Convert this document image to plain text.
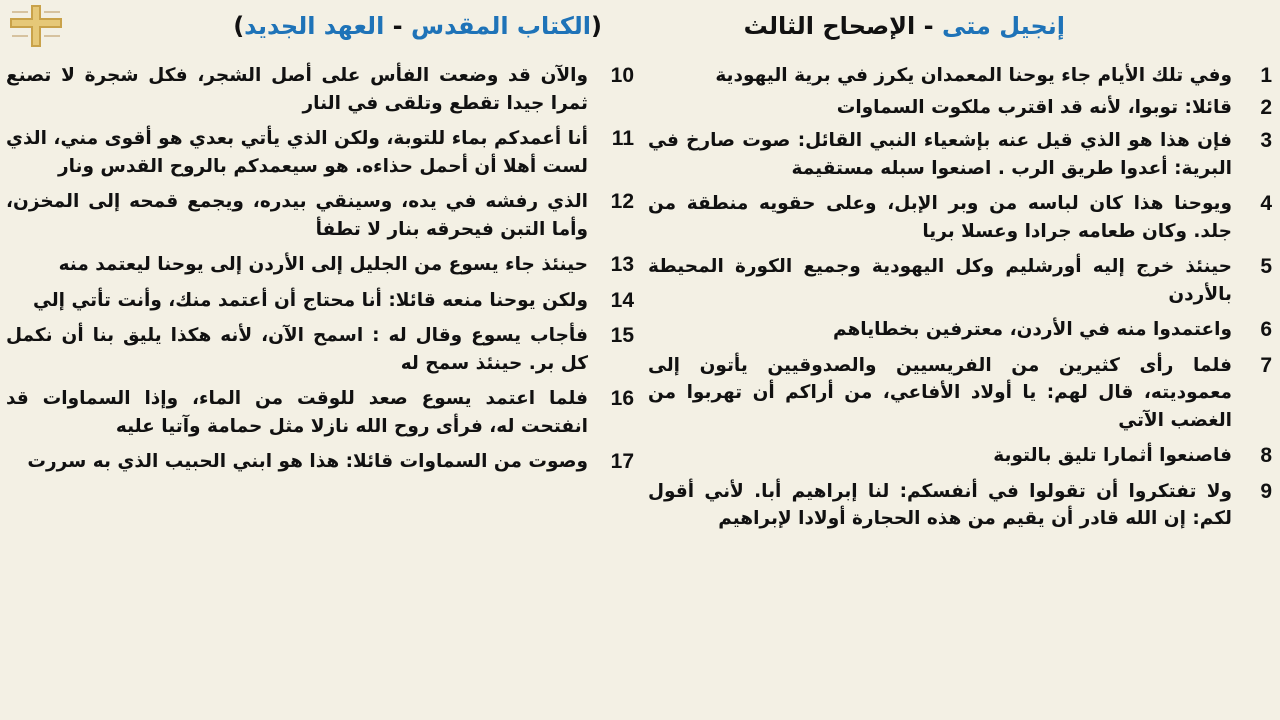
إنجيل متى - الإصحاح الثالث
(الكتاب المقدس - العهد الجديد)
1
وفي تلك الأيام جاء يوحنا المعمدان يكرز في برية اليهودية
2
قائلا: توبوا، لأنه قد اقترب ملكوت السماوات
3
فإن هذا هو الذي قيل عنه بإشعياء النبي القائل: صوت صارخ في البرية: أعدوا طريق الرب . اصنعوا سبله مستقيمة
4
ويوحنا هذا كان لباسه من وبر الإبل، وعلى حقويه منطقة من جلد. وكان طعامه جرادا وعسلا بريا
5
حينئذ خرج إليه أورشليم وكل اليهودية وجميع الكورة المحيطة بالأردن
6
واعتمدوا منه في الأردن، معترفين بخطاياهم
7
فلما رأى كثيرين من الفريسيين والصدوقيين يأتون إلى معموديته، قال لهم: يا أولاد الأفاعي، من أراكم أن تهربوا من الغضب الآتي
8
فاصنعوا أثمارا تليق بالتوبة
9
ولا تفتكروا أن تقولوا في أنفسكم: لنا إبراهيم أبا. لأني أقول لكم: إن الله قادر أن يقيم من هذه الحجارة أولادا لإبراهيم
10
والآن قد وضعت الفأس على أصل الشجر، فكل شجرة لا تصنع ثمرا جيدا تقطع وتلقى في النار
11
أنا أعمدكم بماء للتوبة، ولكن الذي يأتي بعدي هو أقوى مني، الذي لست أهلا أن أحمل حذاءه. هو سيعمدكم بالروح القدس ونار
12
الذي رفشه في يده، وسينقي بيدره، ويجمع قمحه إلى المخزن، وأما التبن فيحرقه بنار لا تطفأ
13
حينئذ جاء يسوع من الجليل إلى الأردن إلى يوحنا ليعتمد منه
14
ولكن يوحنا منعه قائلا: أنا محتاج أن أعتمد منك، وأنت تأتي إلي
15
فأجاب يسوع وقال له : اسمح الآن، لأنه هكذا يليق بنا أن نكمل كل بر. حينئذ سمح له
16
فلما اعتمد يسوع صعد للوقت من الماء، وإذا السماوات قد انفتحت له، فرأى روح الله نازلا مثل حمامة وآتيا عليه
17
وصوت من السماوات قائلا: هذا هو ابني الحبيب الذي به سررت
